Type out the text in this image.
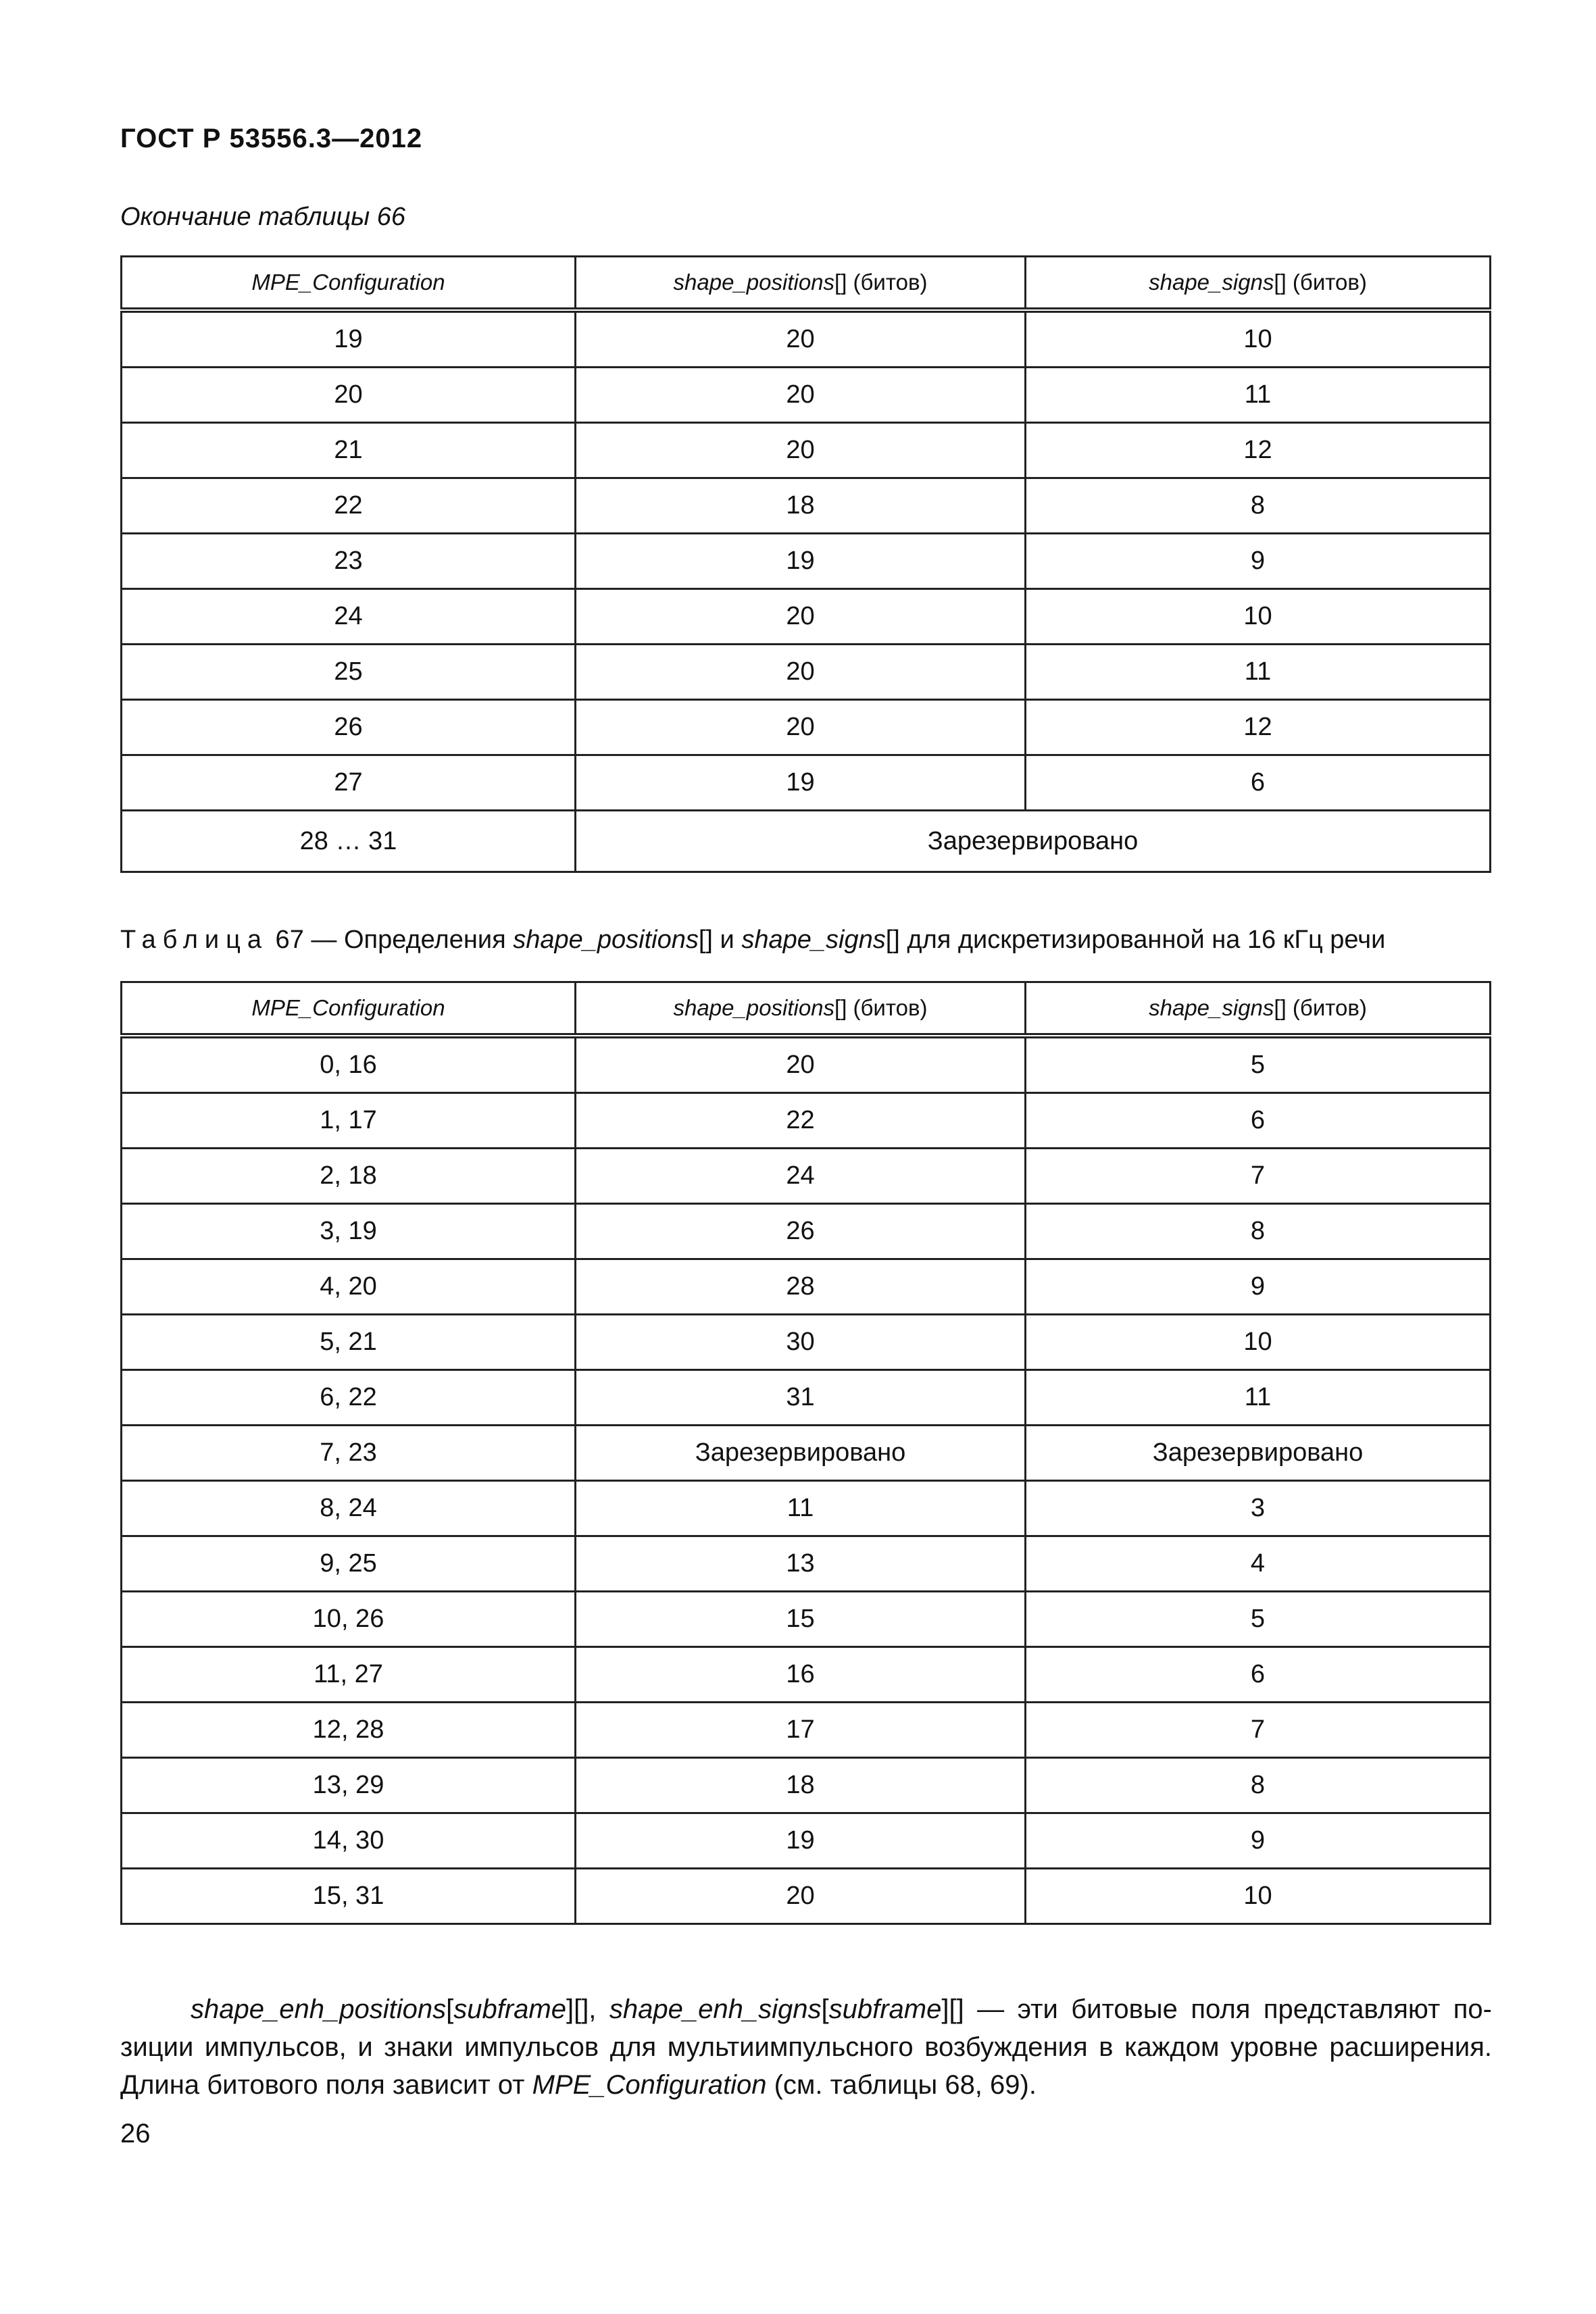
ГОСТ Р 53556.3—2012
Окончание таблицы 66
MPE_Configuration	shape_positions[] (битов)	shape_signs[] (битов)
19	20	10
20	20	11
21	20	12
22	18	8
23	19	9
24	20	10
25	20	11
26	20	12
27	19	6
28 … 31	Зарезервировано	
Таблица 67 — Определения shape_positions[] и shape_signs[] для дискретизированной на 16 кГц речи
MPE_Configuration	shape_positions[] (битов)	shape_signs[] (битов)
0, 16	20	5
1, 17	22	6
2, 18	24	7
3, 19	26	8
4, 20	28	9
5, 21	30	10
6, 22	31	11
7, 23	Зарезервировано	Зарезервировано
8, 24	11	3
9, 25	13	4
10, 26	15	5
11, 27	16	6
12, 28	17	7
13, 29	18	8
14, 30	19	9
15, 31	20	10
shape_enh_positions[subframe][], shape_enh_signs[subframe][] — эти битовые поля представляют по-зиции импульсов, и знаки импульсов для мультиимпульсного возбуждения в каждом уровне расширения. Длина битового поля зависит от MPE_Configuration (см. таблицы 68, 69).
26
